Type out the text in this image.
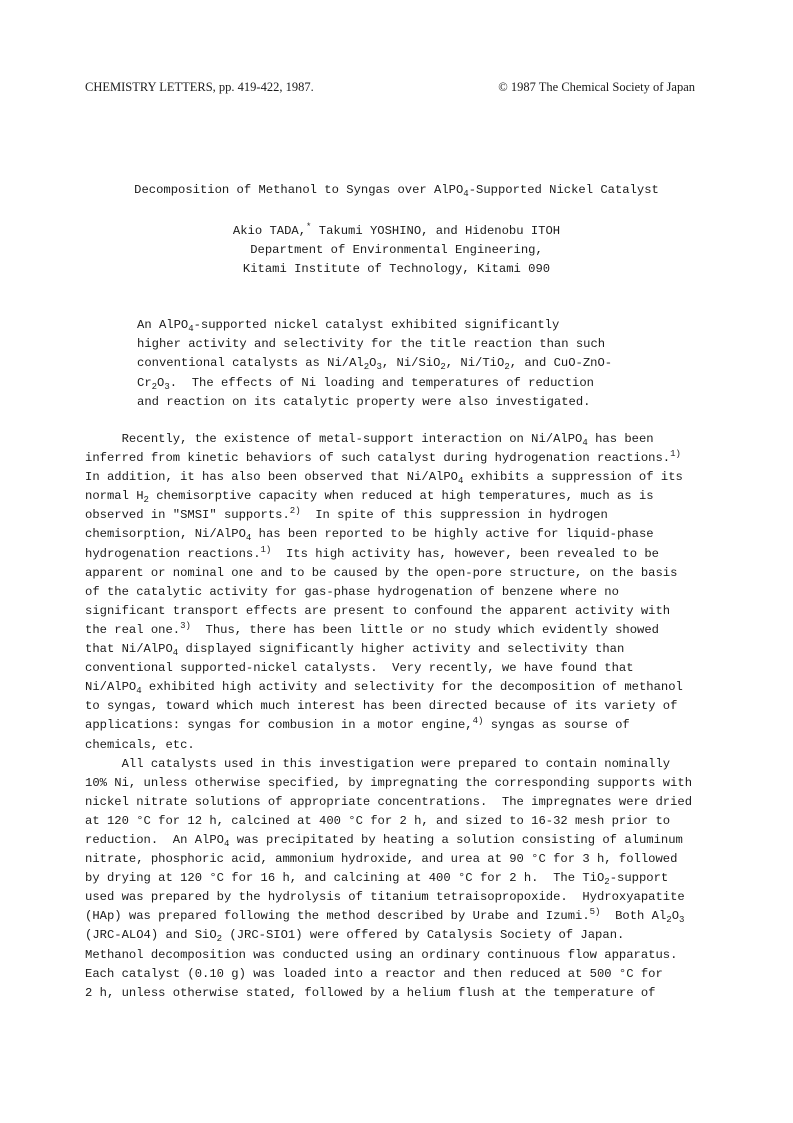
CHEMISTRY LETTERS, pp. 419-422, 1987.	© 1987 The Chemical Society of Japan
Decomposition of Methanol to Syngas over AlPO$_4$-Supported Nickel Catalyst
Akio TADA,* Takumi YOSHINO, and Hidenobu ITOH
Department of Environmental Engineering,
Kitami Institute of Technology, Kitami 090

An AlPO$_4$-supported nickel catalyst exhibited significantly

higher activity and selectivity for the title reaction than such

conventional catalysts as $Ni/Al_2O_3$, Ni/SiO$_2$, Ni/TiO$_2$, and CuO-ZnO-

$Cr_2O_3$.  The effects of Ni loading and temperatures of reduction

and reaction on its catalytic property were also investigated.

Recently, the existence of metal-support interaction on Ni/AlPO$_4$ has been

inferred from kinetic behaviors of such catalyst during hydrogenation reactions.$^{1)}$

In addition, it has also been observed that Ni/AlPO$_4$ exhibits a suppression of its

normal $H_2$ chemisorptive capacity when reduced at high temperatures, much as is

observed in "SMSI" supports.$^{2)}$  In spite of this suppression in hydrogen

chemisorption, Ni/AlPO$_4$ has been reported to be highly active for liquid-phase

hydrogenation reactions.$^{1)}$  Its high activity has, however, been revealed to be

apparent or nominal one and to be caused by the open-pore structure, on the basis

of the catalytic activity for gas-phase hydrogenation of benzene where no

significant transport effects are present to confound the apparent activity with

the real one.$^{3)}$  Thus, there has been little or no study which evidently showed

that Ni/AlPO$_4$ displayed significantly higher activity and selectivity than

conventional supported-nickel catalysts.  Very recently, we have found that

Ni/AlPO$_4$ exhibited high activity and selectivity for the decomposition of methanol

to syngas, toward which much interest has been directed because of its variety of

applications: syngas for combusion in a motor engine,$^{4)}$ syngas as sourse of

chemicals, etc.

All catalysts used in this investigation were prepared to contain nominally

10% Ni, unless otherwise specified, by impregnating the corresponding supports with

nickel nitrate solutions of appropriate concentrations.  The impregnates were dried

at 120 °C for 12 h, calcined at 400 °C for 2 h, and sized to 16-32 mesh prior to

reduction.  An AlPO$_4$ was precipitated by heating a solution consisting of aluminum

nitrate, phosphoric acid, ammonium hydroxide, and urea at 90 °C for 3 h, followed

by drying at 120 °C for 16 h, and calcining at 400 °C for 2 h.  The TiO$_2$-support

used was prepared by the hydrolysis of titanium tetraisopropoxide.  Hydroxyapatite

(HAp) was prepared following the method described by Urabe and Izumi.$^{5)}$  Both $Al_2O_3$

(JRC-ALO4) and SiO$_2$ (JRC-SIO1) were offered by Catalysis Society of Japan.

Methanol decomposition was conducted using an ordinary continuous flow apparatus.

Each catalyst (0.10 g) was loaded into a reactor and then reduced at 500 °C for

2 h, unless otherwise stated, followed by a helium flush at the temperature of
